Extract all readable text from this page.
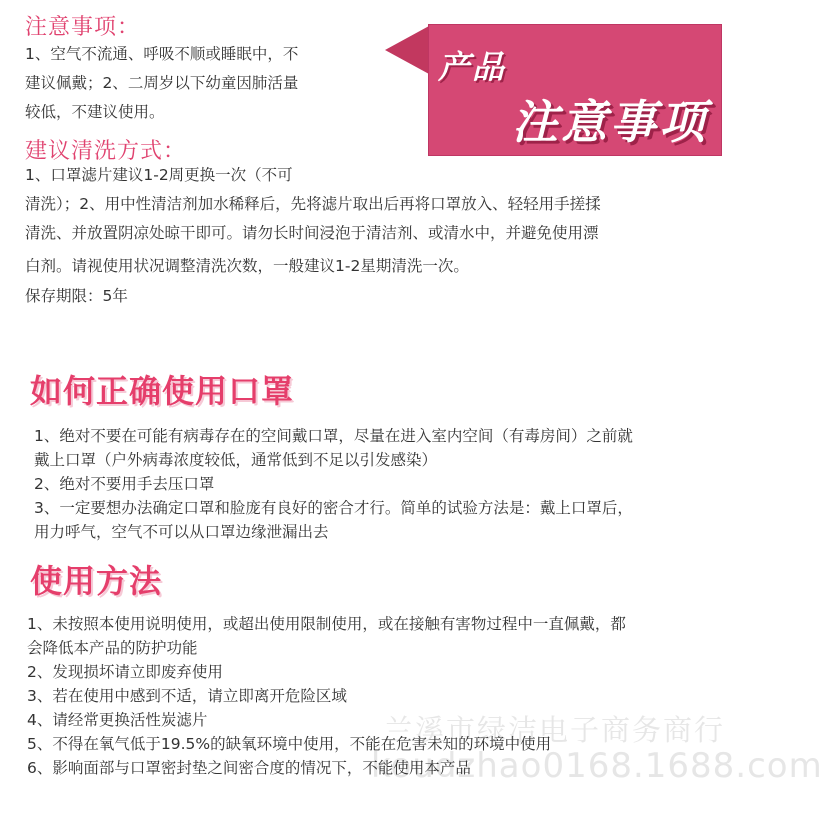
兰溪市绿洁电子商务商行
koudzhao0168.1688.com
注意事项：
1、空气不流通、呼吸不顺或睡眠中，不
建议佩戴；2、二周岁以下幼童因肺活量
较低，不建议使用。
产品
注意事项
建议清洗方式：
1、口罩滤片建议1-2周更换一次（不可
清洗）；2、用中性清洁剂加水稀释后，先将滤片取出后再将口罩放入、轻轻用手搓揉
清洗、并放置阴凉处晾干即可。请勿长时间浸泡于清洁剂、或清水中，并避免使用漂
白剂。请视使用状况调整清洗次数，一般建议1-2星期清洗一次。
保存期限：5年
如何正确使用口罩
1、绝对不要在可能有病毒存在的空间戴口罩，尽量在进入室内空间（有毒房间）之前就
戴上口罩（户外病毒浓度较低，通常低到不足以引发感染）
2、绝对不要用手去压口罩
3、一定要想办法确定口罩和脸庞有良好的密合才行。简单的试验方法是：戴上口罩后，
用力呼气，空气不可以从口罩边缘泄漏出去
使用方法
1、未按照本使用说明使用，或超出使用限制使用，或在接触有害物过程中一直佩戴，都
会降低本产品的防护功能
2、发现损坏请立即废弃使用
3、若在使用中感到不适，请立即离开危险区域
4、请经常更换活性炭滤片
5、不得在氧气低于19.5%的缺氧环境中使用，不能在危害未知的环境中使用
6、影响面部与口罩密封垫之间密合度的情况下，不能使用本产品
